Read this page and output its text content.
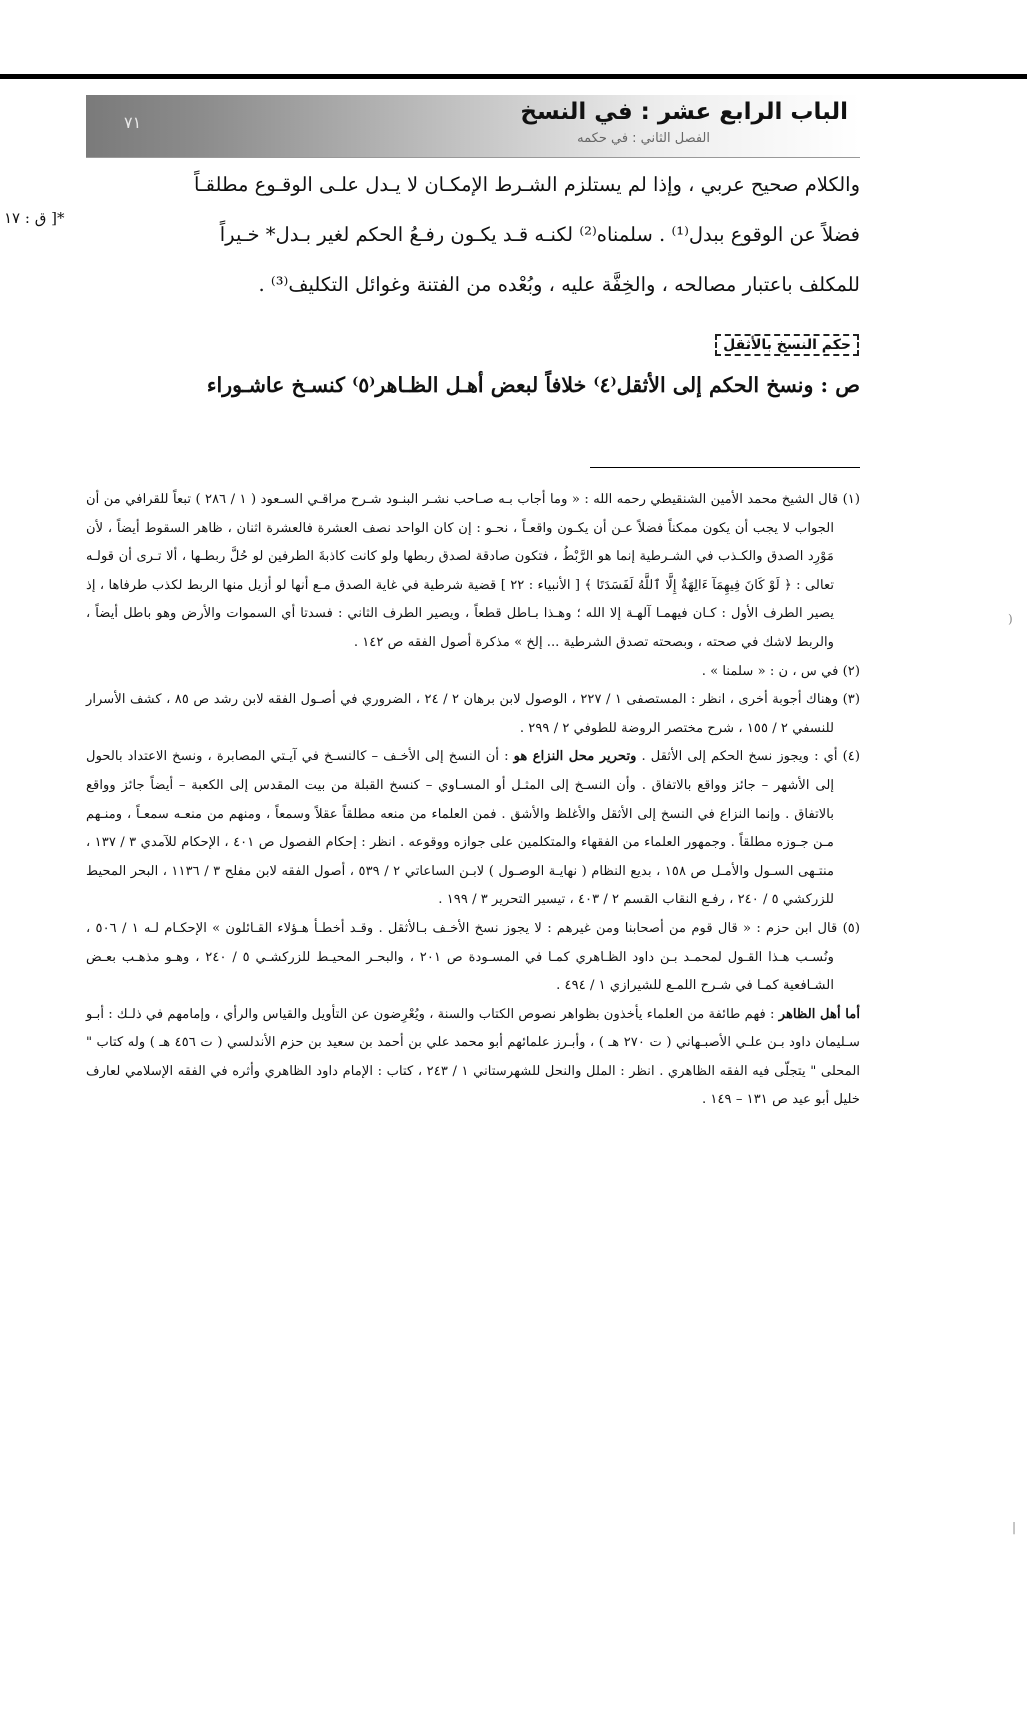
الباب الرابع عشر : في النسخ
الفصل الثاني : في حكمه
٧١

والكلام صحيح عربي ، وإذا لم يستلزم الشـرط الإمكـان لا يـدل علـى الوقـوع مطلقـاً

فضلاً عن الوقوع ببدل⁽¹⁾ . سلمناه⁽²⁾ لكنـه قـد يكـون رفـعُ الحكم لغير بـدل* خـيراً

للمكلف باعتبار مصالحه ، والخِفَّة عليه ، وبُعْده من الفتنة وغوائل التكليف⁽³⁾ .

*[ ق : ١٧
حكم النسخ بالأثقل

ص : ونسخ الحكم إلى الأثقل⁽٤⁾ خلافاً لبعض أهـل الظـاهر⁽٥⁾ كنسـخ عاشـوراء

(١) قال الشيخ محمد الأمين الشنقيطي رحمه الله : « وما أجاب بـه صـاحب نشـر البنـود شـرح مراقـي السـعود ( ١ / ٢٨٦ ) تبعاً للقرافي من أن الجواب لا يجب أن يكون ممكناً فضلاً عـن أن يكـون واقعـاً ، نحـو : إن كان الواحد نصف العشرة فالعشرة اثنان ، ظاهر السقوط أيضاً ، لأن مَوْرِد الصدق والكـذب في الشـرطية إنما هو الرَّبْطُ ، فتكون صادقة لصدق ربطها ولو كانت كاذبةَ الطرفين لو حُلَّ ربطـها ، ألا تـرى أن قولـه تعالى : ﴿ لَوْ كَانَ فِيهِمَآ ءَالِهَةٌ إِلَّا ٱللَّهُ لَفَسَدَتَا ﴾ [ الأنبياء : ٢٢ ] قضية شرطية في غاية الصدق مـع أنها لو أزيل منها الربط لكذب طرفاها ، إذ يصير الطرف الأول : كـان فيهمـا آلهـة إلا الله ؛ وهـذا بـاطل قطعاً ، ويصير الطرف الثاني : فسدتا أي السموات والأرض وهو باطل أيضاً ، والربط لاشك في صحته ، وبصحته تصدق الشرطية ... إلخ » مذكرة أصول الفقه ص ١٤٢ .

(٢) في س ، ن : « سلمنا » .

(٣) وهناك أجوبة أخرى ، انظر : المستصفى ١ / ٢٢٧ ، الوصول لابن برهان ٢ / ٢٤ ، الضروري في أصـول الفقه لابن رشد ص ٨٥ ، كشف الأسرار للنسفي ٢ / ١٥٥ ، شرح مختصر الروضة للطوفي ٢ / ٢٩٩ .

(٤) أي : ويجوز نسخ الحكم إلى الأثقل . وتحرير محل النزاع هو : أن النسخ إلى الأخـف – كالنسـخ في آيـتي المصابرة ، ونسخ الاعتداد بالحول إلى الأشهر – جائز وواقع بالاتفاق . وأن النسـخ إلى المثـل أو المسـاوي – كنسخ القبلة من بيت المقدس إلى الكعبة – أيضاً جائز وواقع بالاتفاق . وإنما النزاع في النسخ إلى الأثقل والأغلظ والأشق . فمن العلماء من منعه مطلقاً عقلاً وسمعاً ، ومنهم من منعـه سمعـاً ، ومنـهم مـن جـوزه مطلقاً . وجمهور العلماء من الفقهاء والمتكلمين على جوازه ووقوعه . انظر : إحكام الفصول ص ٤٠١ ، الإحكام للآمدي ٣ / ١٣٧ ، منتـهى السـول والأمـل ص ١٥٨ ، بديع النظام ( نهايـة الوصـول ) لابـن الساعاتي ٢ / ٥٣٩ ، أصول الفقه لابن مفلح ٣ / ١١٣٦ ، البحر المحيط للزركشي ٥ / ٢٤٠ ، رفـع النقاب القسم ٢ / ٤٠٣ ، تيسير التحرير ٣ / ١٩٩ .

(٥) قال ابن حزم : « قال قوم من أصحابنا ومن غيرهم : لا يجوز نسخ الأخـف بـالأثقل . وقـد أخطـأ هـؤلاء القـائلون » الإحكـام لـه ١ / ٥٠٦ ، ونُسـب هـذا القـول لمحمـد بـن داود الظـاهري كمـا في المسـودة ص ٢٠١ ، والبحـر المحيـط للزركشـي ٥ / ٢٤٠ ، وهـو مذهـب بعـض الشـافعية كمـا في شـرح اللمـع للشيرازي ١ / ٤٩٤ .

أما أهل الظاهر : فهم طائفة من العلماء يأخذون بظواهر نصوص الكتاب والسنة ، ويُعْرِضون عن التأويل والقياس والرأي ، وإمامهم في ذلـك : أبـو سـليمان داود بـن علـي الأصبـهاني ( ت ٢٧٠ هـ ) ، وأبـرز علمائهم أبو محمد علي بن أحمد بن سعيد بن حزم الأندلسي ( ت ٤٥٦ هـ ) وله كتاب " المحلى " يتجلّى فيه الفقه الظاهري . انظر : الملل والنحل للشهرستاني ١ / ٢٤٣ ، كتاب : الإمام داود الظاهري وأثره في الفقه الإسلامي لعارف خليل أبو عيد ص ١٣١ – ١٤٩ .

(
|
